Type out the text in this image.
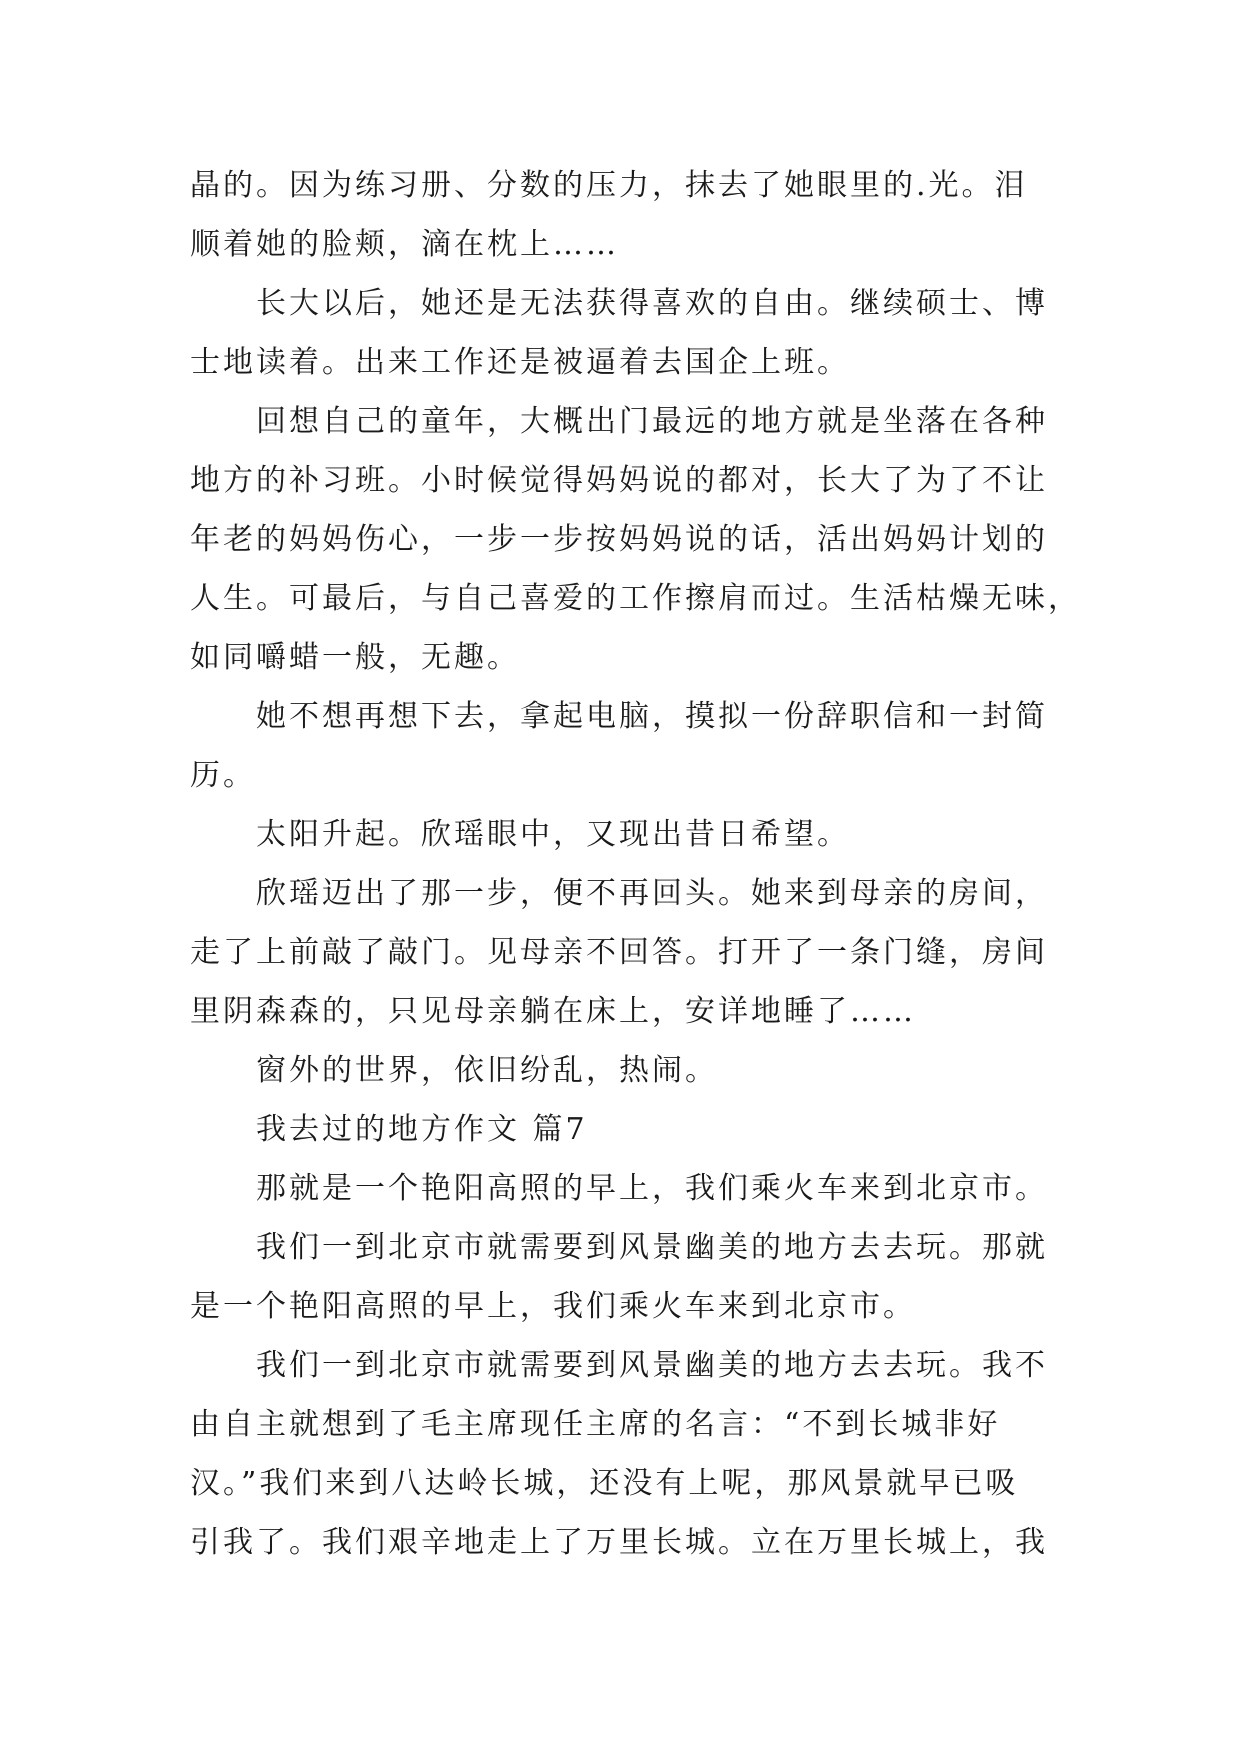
晶的。因为练习册、分数的压力，抹去了她眼里的.光。泪
顺着她的脸颊，滴在枕上……
长大以后，她还是无法获得喜欢的自由。继续硕士、博
士地读着。出来工作还是被逼着去国企上班。
回想自己的童年，大概出门最远的地方就是坐落在各种
地方的补习班。小时候觉得妈妈说的都对，长大了为了不让
年老的妈妈伤心，一步一步按妈妈说的话，活出妈妈计划的
人生。可最后，与自己喜爱的工作擦肩而过。生活枯燥无味，
如同嚼蜡一般，无趣。
她不想再想下去，拿起电脑，摸拟一份辞职信和一封简
历。
太阳升起。欣瑶眼中，又现出昔日希望。
欣瑶迈出了那一步，便不再回头。她来到母亲的房间，
走了上前敲了敲门。见母亲不回答。打开了一条门缝，房间
里阴森森的，只见母亲躺在床上，安详地睡了……
窗外的世界，依旧纷乱，热闹。
我去过的地方作文 篇7
那就是一个艳阳高照的早上，我们乘火车来到北京市。
我们一到北京市就需要到风景幽美的地方去去玩。那就
是一个艳阳高照的早上，我们乘火车来到北京市。
我们一到北京市就需要到风景幽美的地方去去玩。我不
由自主就想到了毛主席现任主席的名言：“不到长城非好
汉。”我们来到八达岭长城，还没有上呢，那风景就早已吸
引我了。我们艰辛地走上了万里长城。立在万里长城上，我
